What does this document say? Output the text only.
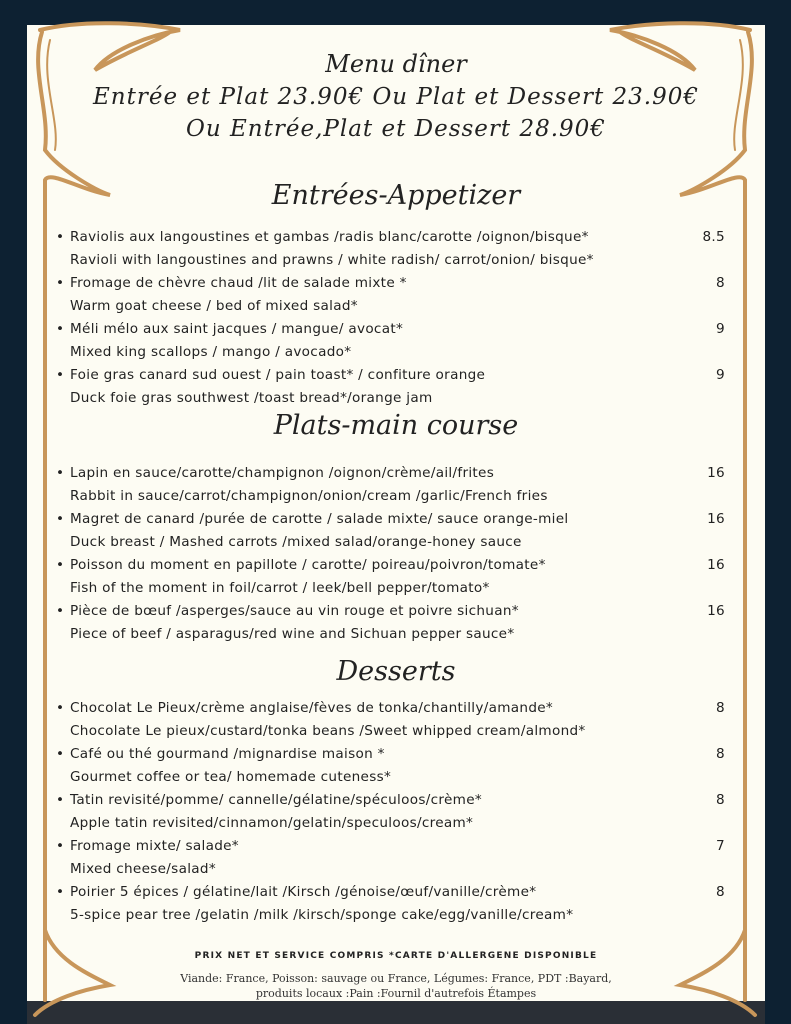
Menu dîner
Entrée et Plat 23.90€ Ou Plat et Dessert 23.90€
Ou Entrée,Plat et Dessert 28.90€
Entrées-Appetizer
• Raviolis aux langoustines et gambas /radis blanc/carotte /oignon/bisque*	8.5
Ravioli with langoustines and prawns / white radish/ carrot/onion/ bisque*
• Fromage de chèvre chaud /lit de salade mixte *	8
Warm goat cheese / bed of mixed salad*
• Méli mélo aux saint jacques / mangue/ avocat*	9
Mixed king scallops / mango / avocado*
• Foie gras canard sud ouest / pain toast* / confiture orange	9
Duck foie gras southwest /toast bread*/orange jam
Plats-main course
• Lapin en sauce/carotte/champignon /oignon/crème/ail/frites	16
Rabbit in sauce/carrot/champignon/onion/cream /garlic/French fries
• Magret de canard /purée de carotte / salade mixte/ sauce orange-miel	16
Duck breast / Mashed carrots /mixed salad/orange-honey sauce
• Poisson du moment en papillote / carotte/ poireau/poivron/tomate*	16
Fish of the moment in foil/carrot / leek/bell pepper/tomato*
• Pièce de bœuf /asperges/sauce au vin rouge et poivre sichuan*	16
Piece of beef / asparagus/red wine and Sichuan pepper sauce*
Desserts
• Chocolat Le Pieux/crème anglaise/fèves de tonka/chantilly/amande*	8
Chocolate Le pieux/custard/tonka beans /Sweet whipped cream/almond*
• Café ou thé gourmand /mignardise maison *	8
Gourmet coffee or tea/ homemade cuteness*
• Tatin revisité/pomme/ cannelle/gélatine/spéculoos/crème*	8
Apple tatin revisited/cinnamon/gelatin/speculoos/cream*
• Fromage mixte/ salade*	7
Mixed cheese/salad*
• Poirier 5 épices / gélatine/lait /Kirsch /génoise/œuf/vanille/crème*	8
5-spice pear tree /gelatin /milk /kirsch/sponge cake/egg/vanille/cream*
PRIX NET ET SERVICE COMPRIS *CARTE D'ALLERGENE DISPONIBLE
Viande: France, Poisson: sauvage ou France, Légumes: France, PDT :Bayard,
produits locaux :Pain :Fournil d'autrefois Étampes
